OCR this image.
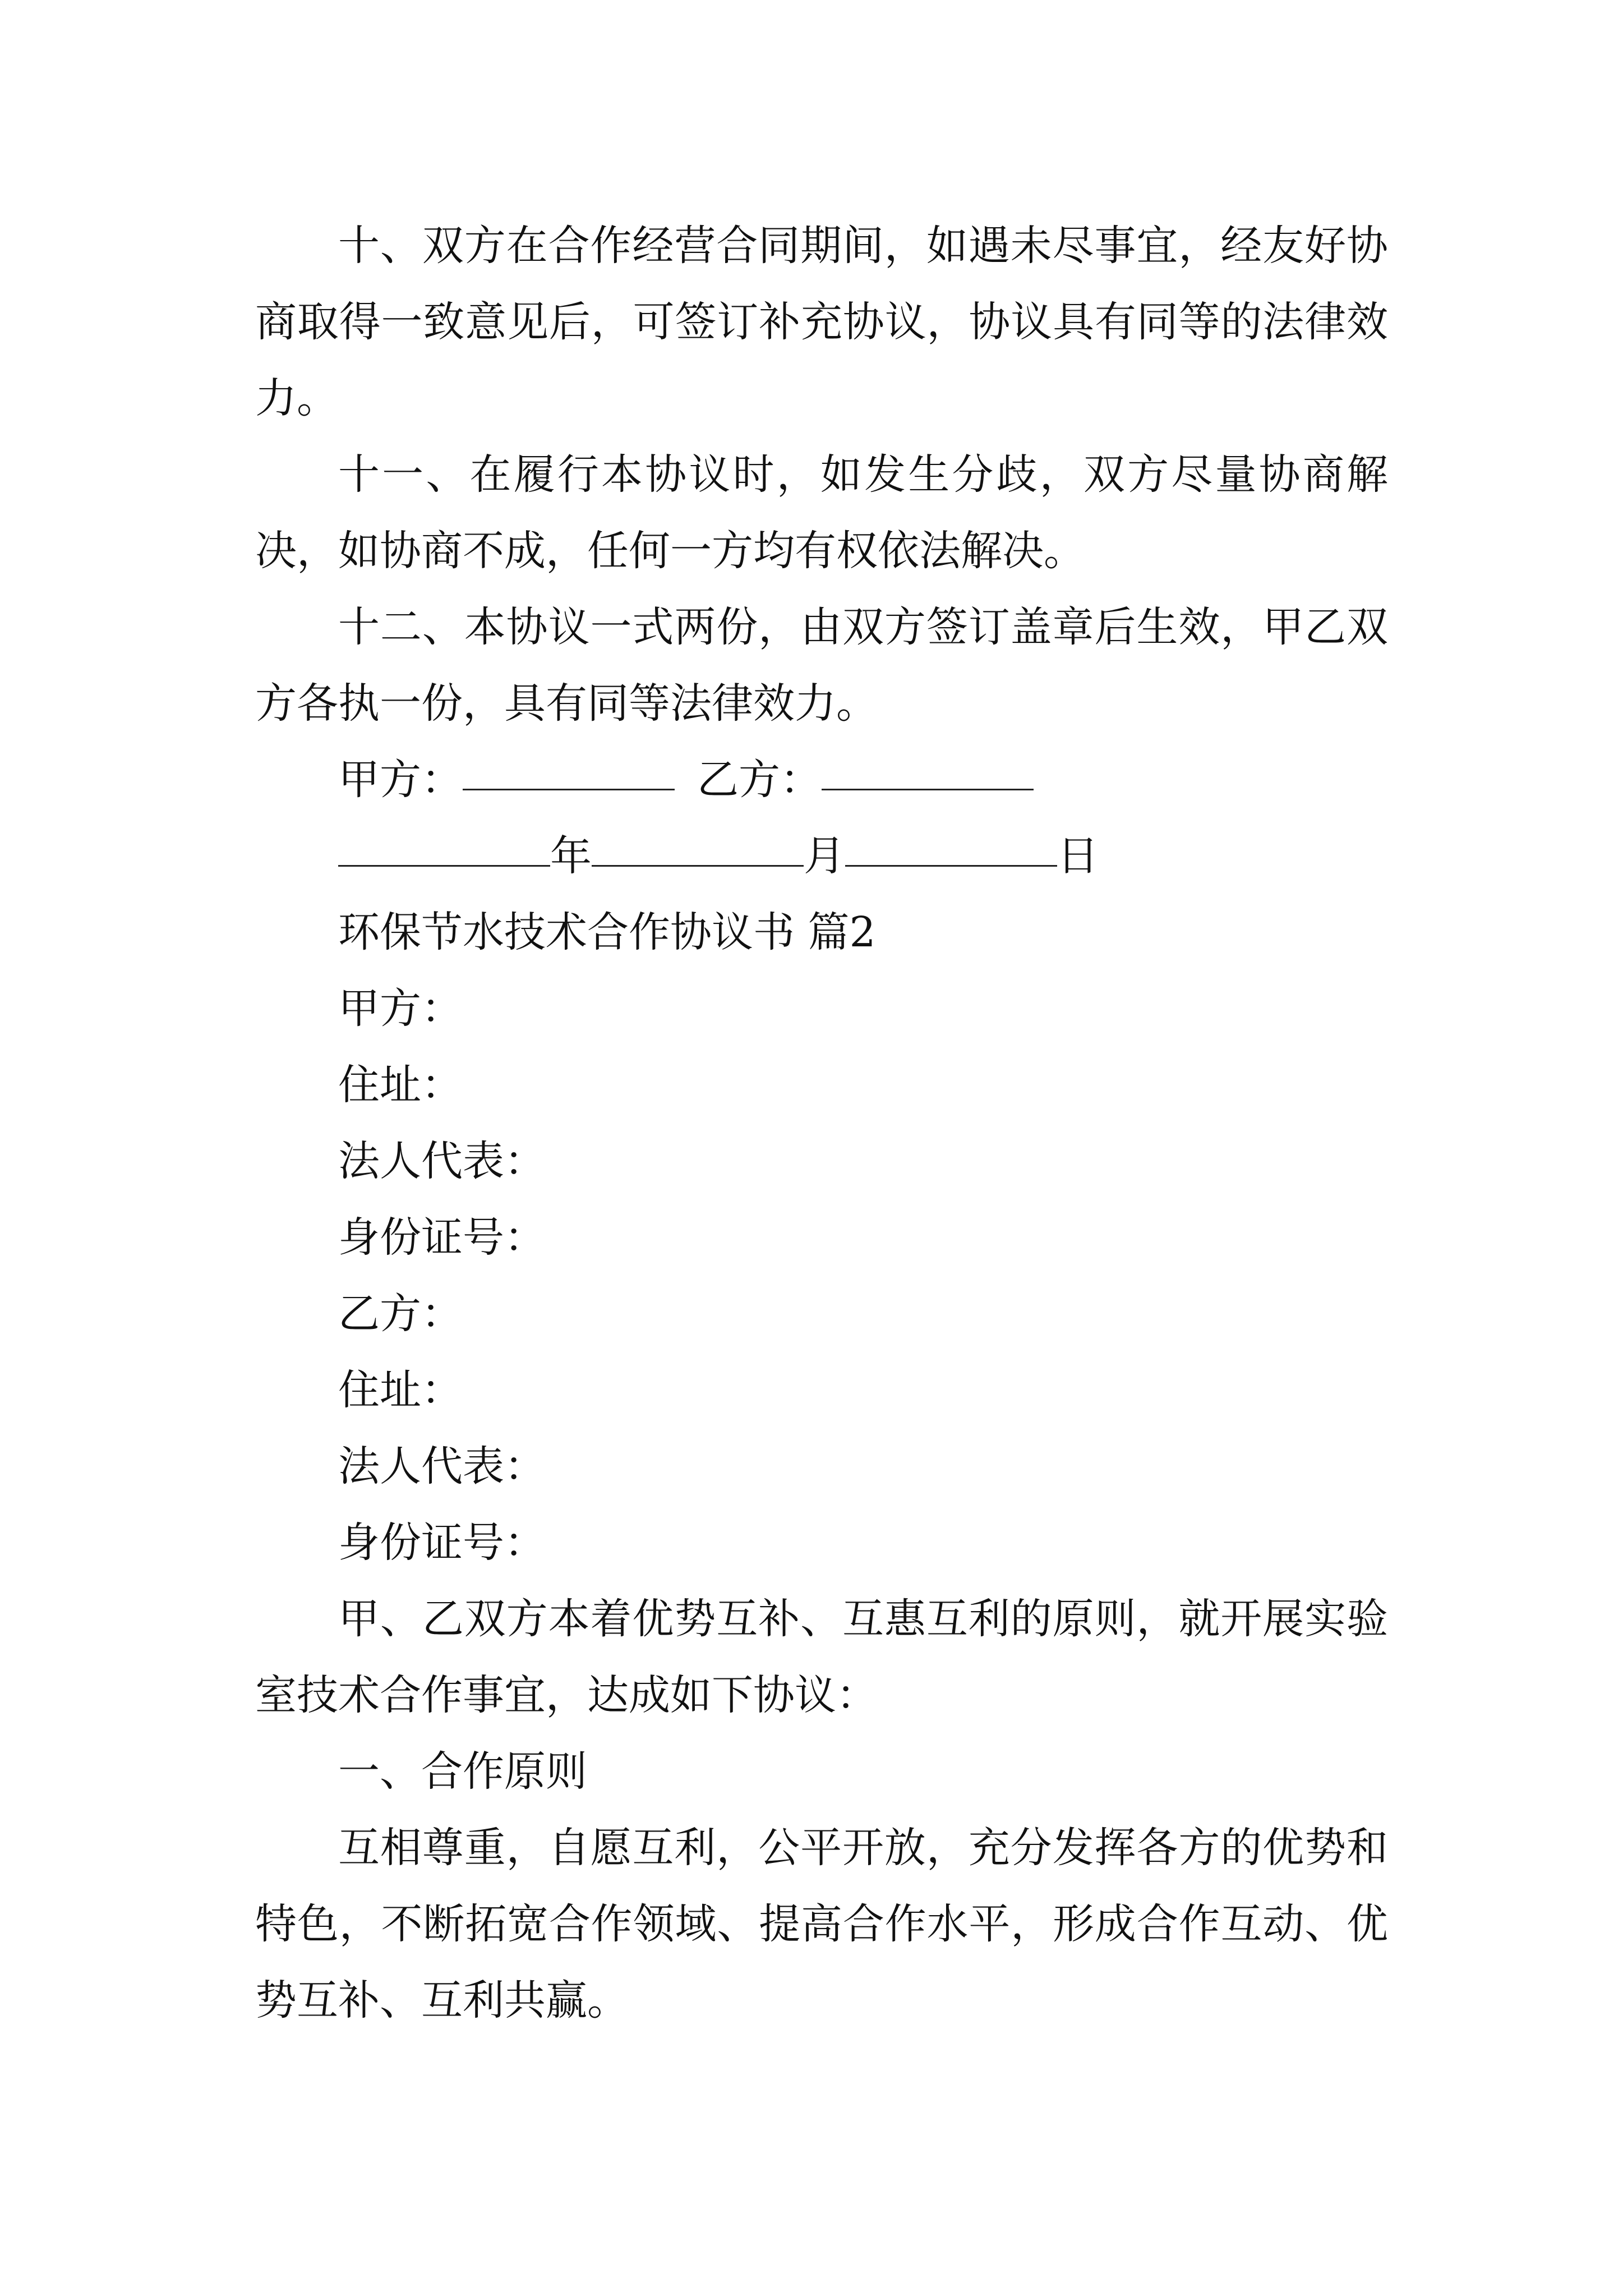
十、双方在合作经营合同期间，如遇未尽事宜，经友好协商取得一致意见后，可签订补充协议，协议具有同等的法律效力。

十一、在履行本协议时，如发生分歧，双方尽量协商解决，如协商不成，任何一方均有权依法解决。

十二、本协议一式两份，由双方签订盖章后生效，甲乙双方各执一份，具有同等法律效力。

甲方：	乙方：

年	月	日

环保节水技术合作协议书 篇2

甲方：

住址：

法人代表：

身份证号：

乙方：

住址：

法人代表：

身份证号：

甲、乙双方本着优势互补、互惠互利的原则，就开展实验室技术合作事宜，达成如下协议：

一、合作原则

互相尊重，自愿互利，公平开放，充分发挥各方的优势和特色，不断拓宽合作领域、提高合作水平，形成合作互动、优势互补、互利共赢。
